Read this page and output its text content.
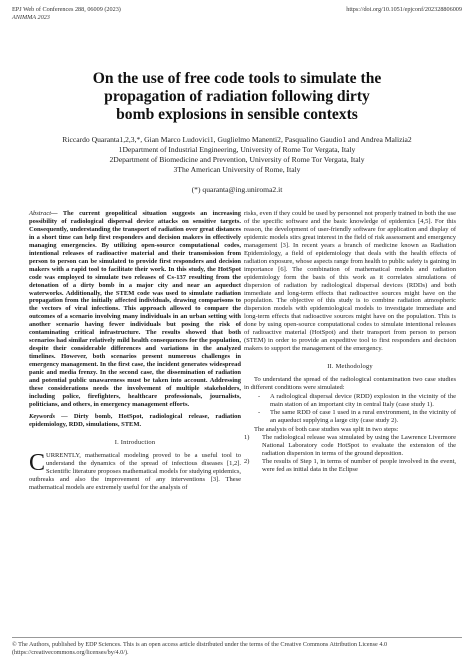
EPJ Web of Conferences 288, 06009 (2023)	https://doi.org/10.1051/epjconf/202328806009
ANIMMA 2023
On the use of free code tools to simulate the
propagation of radiation following dirty
bomb explosions in sensible contexts
Riccardo Quaranta1,2,3,*, Gian Marco Ludovici1, Guglielmo Manenti2, Pasqualino Gaudio1 and Andrea Malizia2
1Department of Industrial Engineering, University of Rome Tor Vergata, Italy
2Department of Biomedicine and Prevention, University of Rome Tor Vergata, Italy
3The American University of Rome, Italy
(*) quaranta@ing.uniroma2.it

Abstract— The current geopolitical situation suggests an increasing possibility of radiological dispersal device attacks on sensitive targets. Consequently, understanding the transport of radiation over great distances in a short time can help first responders and decision makers in effectively managing emergencies. By utilizing open-source computational codes, intentional releases of radioactive material and their transmission from person to person can be simulated to provide first responders and decision makers with a rapid tool to facilitate their work. In this study, the HotSpot code was employed to simulate two releases of Cs-137 resulting from the detonation of a dirty bomb in a major city and near an aqueduct waterworks. Additionally, the STEM code was used to simulate radiation propagation from the initially affected individuals, drawing comparisons to the vectors of viral infections. This approach allowed to compare the outcomes of a scenario involving many individuals in an urban setting with another scenario having fewer individuals but posing the risk of contaminating critical infrastructure. The results showed that both scenarios had similar relatively mild health consequences for the population, despite their considerable differences and variations in the analyzed timelines. However, both scenarios present numerous challenges in emergency management. In the first case, the incident generates widespread panic and media frenzy. In the second case, the dissemination of radiation and potential public unawareness must be taken into account. Addressing these considerations needs the involvement of multiple stakeholders, including police, firefighters, healthcare professionals, journalists, politicians, and others, in emergency management efforts.

Keywords — Dirty bomb, HotSpot, radiological release, radiation epidemiology, RDD, simulations, STEM.

I. Introduction

CURRENTLY, mathematical modeling proved to be a useful tool to understand the dynamics of the spread of infectious diseases [1,2]. Scientific literature proposes mathematical models for studying epidemics, outbreaks and also the improvement of any interventions [3]. These mathematical models are extremely useful for the analysis of

risks, even if they could be used by personnel not properly trained in both the use of the specific software and the basic knowledge of epidemics [4,5]. For this reason, the development of user-friendly software for application and display of epidemic models stirs great interest in the field of risk assessment and emergency management [3]. In recent years a branch of medicine known as Radiation Epidemiology, a field of epidemiology that deals with the health effects of radiation exposure, whose aspects range from health to public safety is gaining in importance [6]. The combination of mathematical models and radiation epidemiology form the basis of this work as it correlates simulations of dispersion of radiation by radiological dispersal devices (RDDs) and both immediate and long-term effects that radioactive sources might have on the population. The objective of this study is to combine radiation atmospheric dispersion models with epidemiological models to investigate immediate and long-term effects that radioactive sources might have on the population. This is done by using open-source computational codes to simulate intentional releases of radioactive material (HotSpot) and their transport from person to person (STEM) in order to provide an expeditive tool to first responders and decision makers to support the management of the emergency.

II. Methodology

To understand the spread of the radiological contamination two case studies in different conditions were simulated:

-	A radiological dispersal device (RDD) explosion in the vicinity of the main station of an important city in central Italy (case study 1).
-	The same RDD of case 1 used in a rural environment, in the vicinity of an aqueduct supplying a large city (case study 2).

The analysis of both case studies was split in two steps:

1)	The radiological release was simulated by using the Lawrence Livermore National Laboratory code HotSpot to evaluate the extension of the radiation dispersion in terms of the ground deposition.
2)	The results of Step 1, in terms of number of people involved in the event, were fed as initial data in the Eclipse
© The Authors, published by EDP Sciences. This is an open access article distributed under the terms of the Creative Commons Attribution License 4.0
(https://creativecommons.org/licenses/by/4.0/).
